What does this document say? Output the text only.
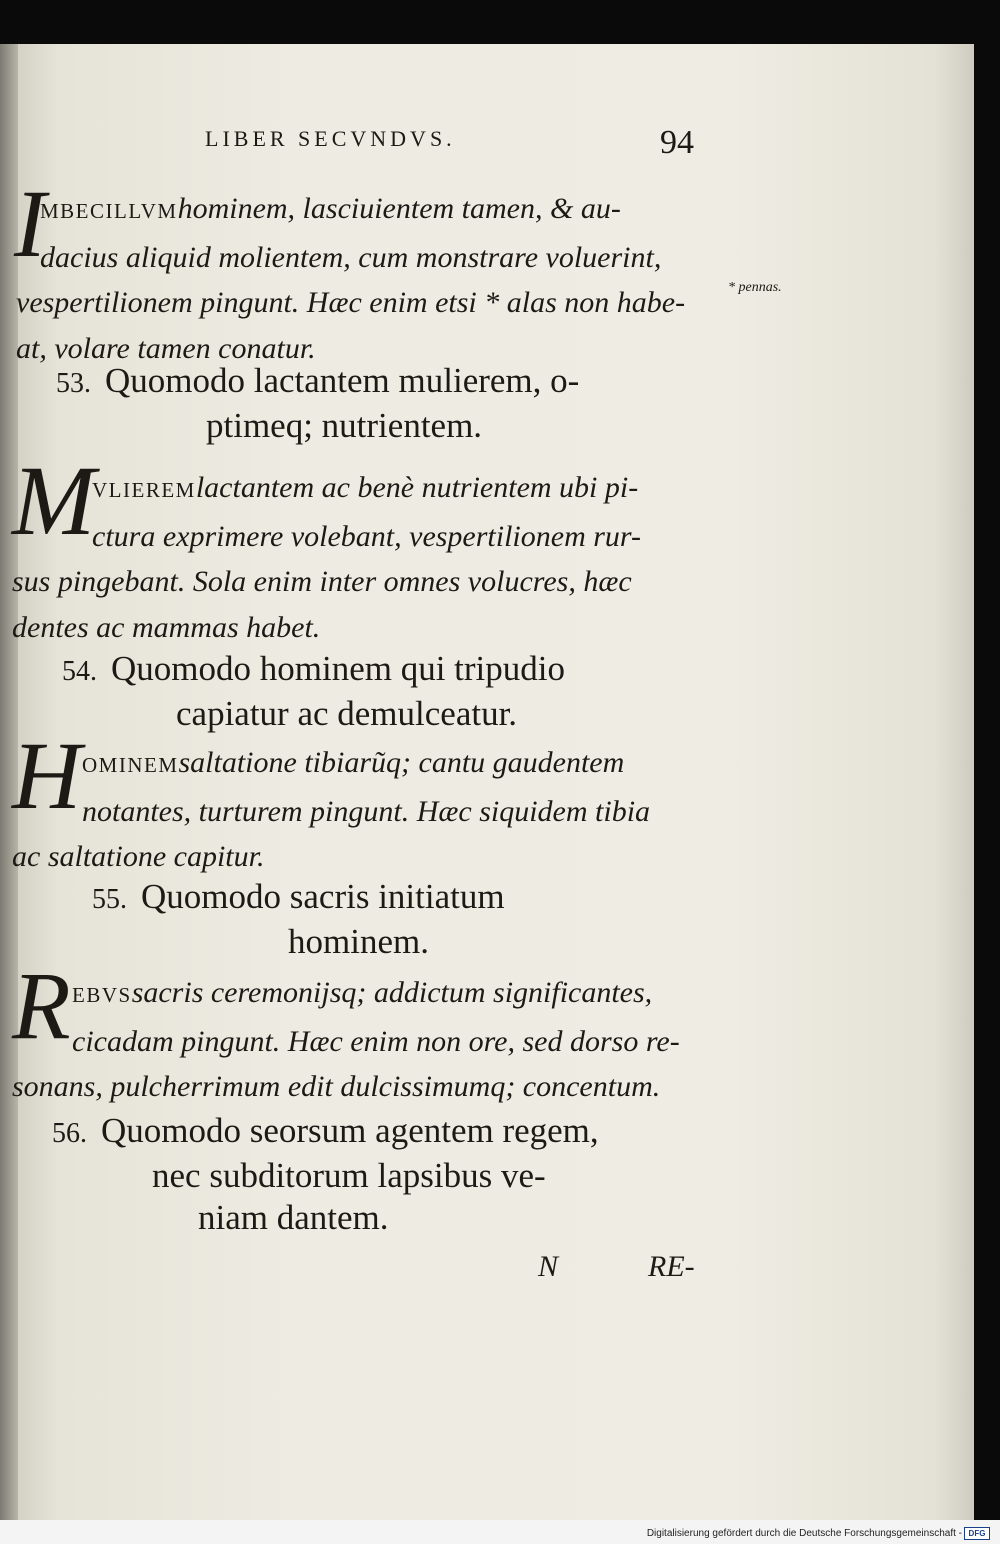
LIBER SECVNDVS.	94
* pennas.
I
MBECILLVMhominem, lasciuientem tamen, & au-
dacius aliquid molientem, cum monstrare voluerint,
vespertilionem pingunt. Hæc enim etsi * alas non habe-
at, volare tamen conatur.
53. Quomodo lactantem mulierem, o-
ptimeq; nutrientem.
M
VLIEREMlactantem ac benè nutrientem ubi pi-
ctura exprimere volebant, vespertilionem rur-
sus pingebant. Sola enim inter omnes volucres, hæc
dentes ac mammas habet.
54. Quomodo hominem qui tripudio
capiatur ac demulceatur.
H OMINEMsaltatione tibiarũq; cantu gaudentem
notantes, turturem pingunt. Hæc siquidem tibia
ac saltatione capitur.
55. Quomodo sacris initiatum
hominem.
R EBVSsacris ceremonijsq; addictum significantes,
cicadam pingunt. Hæc enim non ore, sed dorso re-
sonans, pulcherrimum edit dulcissimumq; concentum.
56. Quomodo seorsum agentem regem,
nec subditorum lapsibus ve-
niam dantem.
N	RE-
Digitalisierung gefördert durch die Deutsche Forschungsgemeinschaft - DFG
